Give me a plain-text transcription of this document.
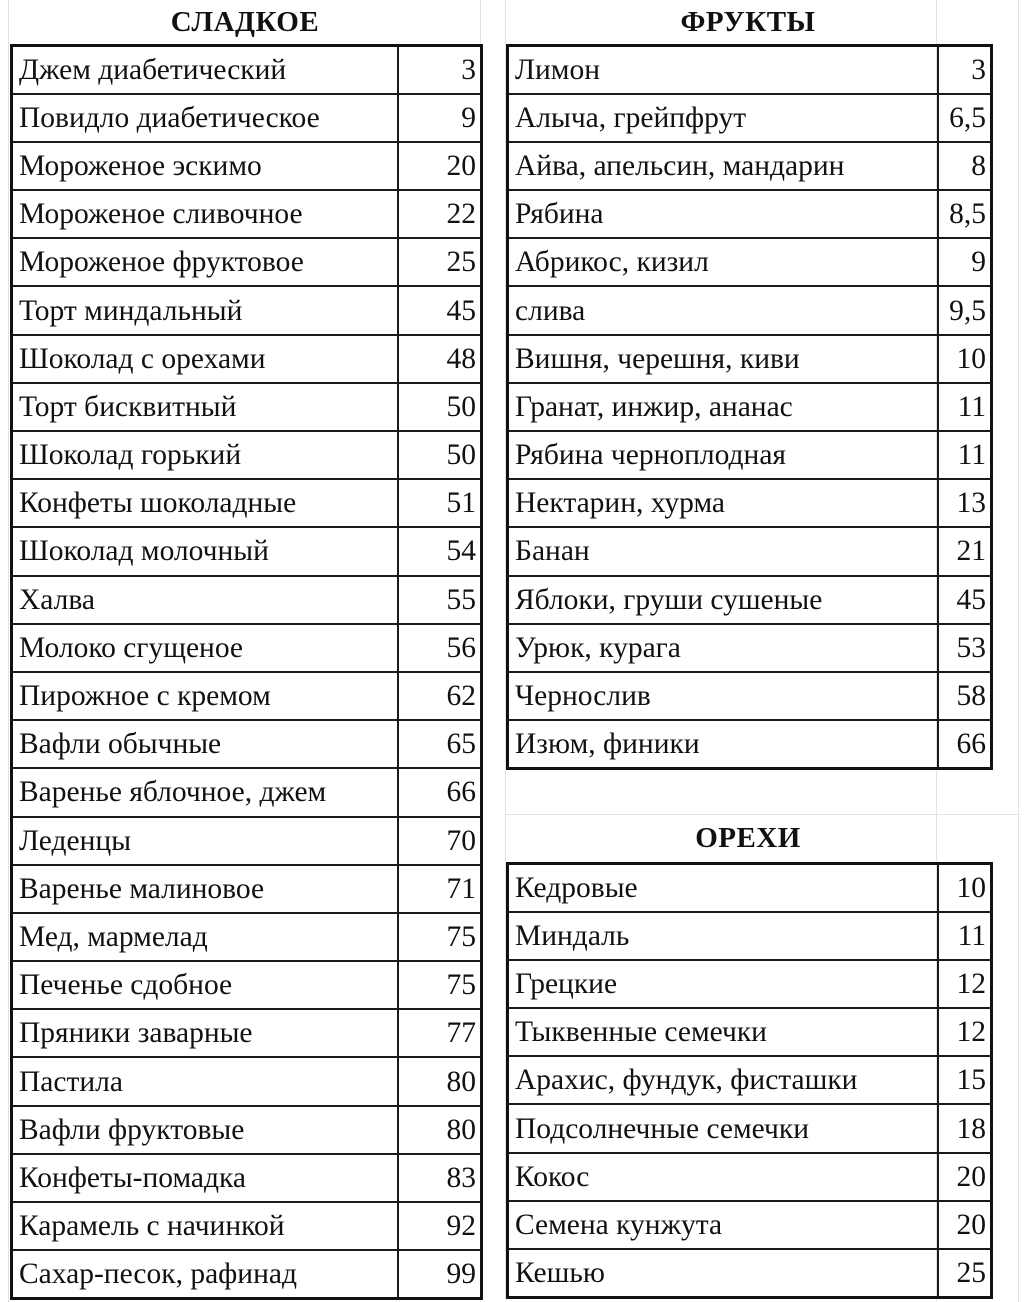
СЛАДКОЕ	ФРУКТЫ
ОРЕХИ
Джем диабетический	3
Повидло диабетическое	9
Мороженое эскимо	20
Мороженое сливочное	22
Мороженое фруктовое	25
Торт миндальный	45
Шоколад с орехами	48
Торт бисквитный	50
Шоколад горький	50
Конфеты шоколадные	51
Шоколад молочный	54
Халва	55
Молоко сгущеное	56
Пирожное с кремом	62
Вафли обычные	65
Варенье яблочное, джем	66
Леденцы	70
Варенье малиновое	71
Мед, мармелад	75
Печенье сдобное	75
Пряники заварные	77
Пастила	80
Вафли фруктовые	80
Конфеты-помадка	83
Карамель с начинкой	92
Сахар-песок, рафинад	99
Лимон	3
Алыча, грейпфрут	6,5
Айва, апельсин, мандарин	8
Рябина	8,5
Абрикос, кизил	9
слива	9,5
Вишня, черешня, киви	10
Гранат, инжир, ананас	11
Рябина черноплодная	11
Нектарин, хурма	13
Банан	21
Яблоки, груши сушеные	45
Урюк, курага	53
Чернослив	58
Изюм, финики	66
Кедровые	10
Миндаль	11
Грецкие	12
Тыквенные семечки	12
Арахис, фундук, фисташки	15
Подсолнечные семечки	18
Кокос	20
Семена кунжута	20
Кешью	25
